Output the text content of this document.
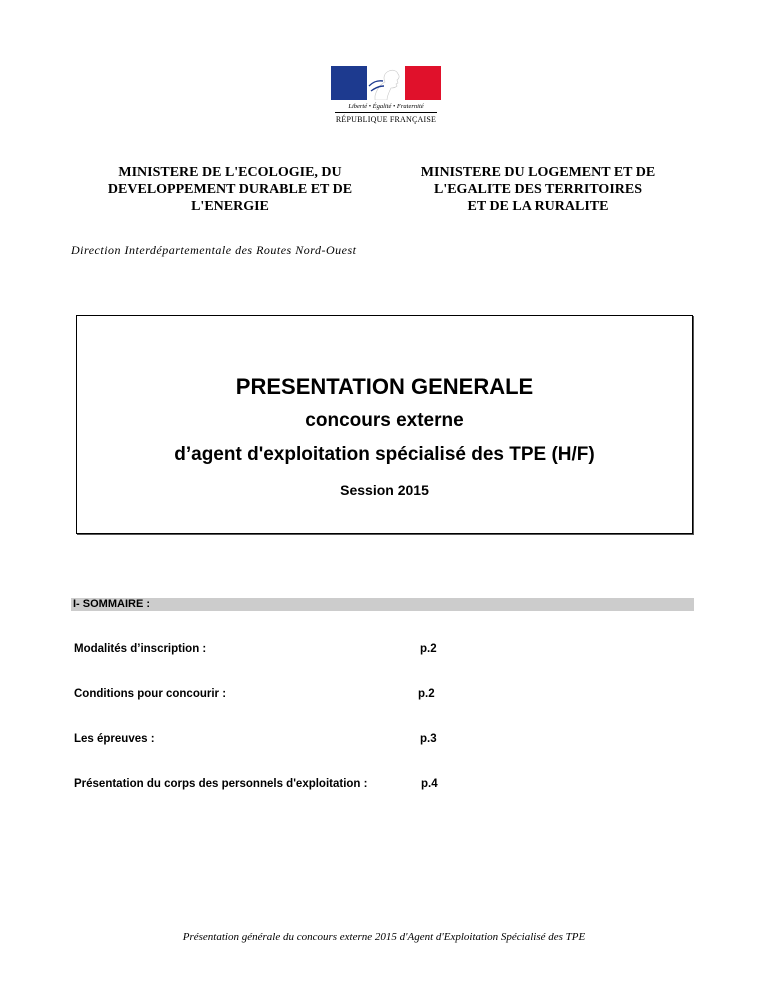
Liberté • Égalité • Fraternité
RÉPUBLIQUE FRANÇAISE
MINISTERE DE L'ECOLOGIE, DU
DEVELOPPEMENT DURABLE ET DE
L'ENERGIE
MINISTERE DU LOGEMENT ET DE
L'EGALITE DES TERRITOIRES
ET DE LA RURALITE
Direction Interdépartementale des Routes Nord-Ouest
PRESENTATION GENERALE
concours externe
d’agent d'exploitation spécialisé des TPE (H/F)
Session 2015
I- SOMMAIRE :
Modalités d’inscription :	p.2
Conditions pour concourir :	p.2
Les épreuves :	p.3
Présentation du corps des personnels d'exploitation :	p.4
Présentation générale du concours externe 2015 d'Agent d'Exploitation Spécialisé des TPE
